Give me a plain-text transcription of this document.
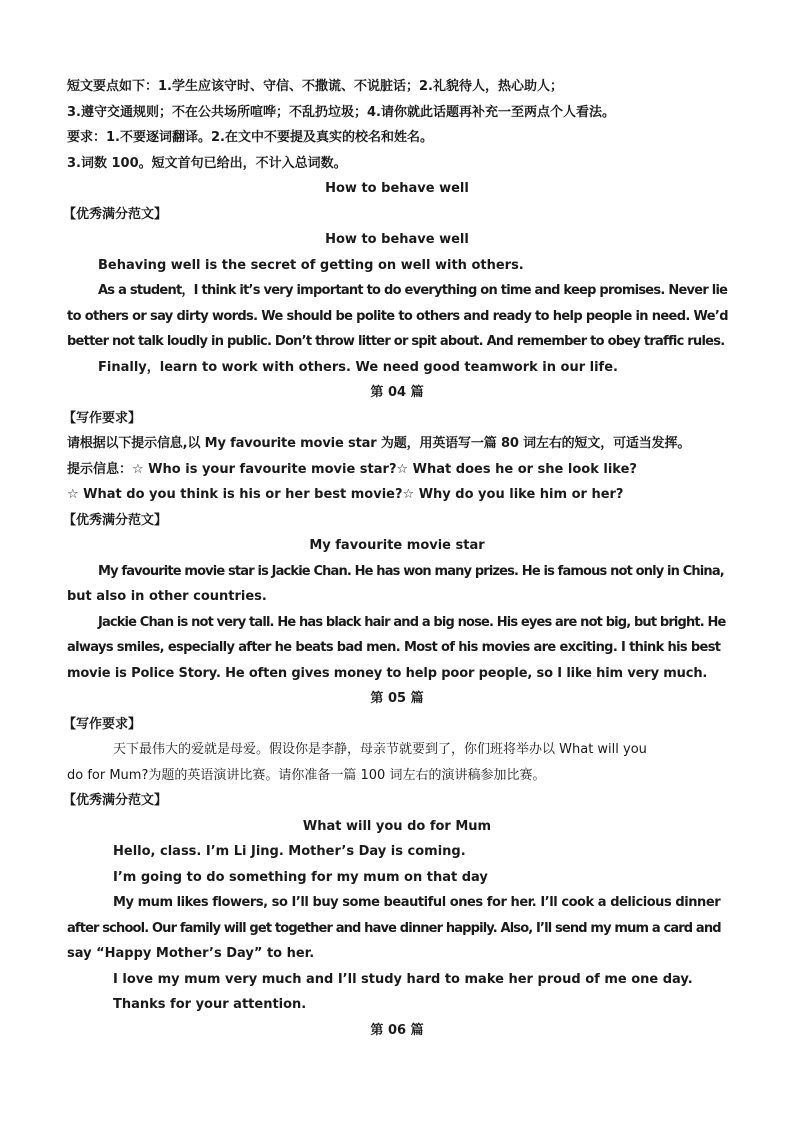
短文要点如下：1.学生应该守时、守信、不撒谎、不说脏话；2.礼貌待人，热心助人；
3.遵守交通规则；不在公共场所喧哗；不乱扔垃圾；4.请你就此话题再补充一至两点个人看法。
要求：1.不要逐词翻译。2.在文中不要提及真实的校名和姓名。
3.词数 100。短文首句已给出，不计入总词数。
How to behave well
【优秀满分范文】
How to behave well
Behaving well is the secret of getting on well with others.
As a student，I think it’s very important to do everything on time and keep promises. Never lie
to others or say dirty words. We should be polite to others and ready to help people in need. We’d
better not talk loudly in public. Don’t throw litter or spit about. And remember to obey traffic rules.
Finally，learn to work with others. We need good teamwork in our life.
第 04 篇
【写作要求】
请根据以下提示信息,以 My favourite movie star 为题，用英语写一篇 80 词左右的短文，可适当发挥。
提示信息：☆ Who is your favourite movie star?☆ What does he or she look like?
☆ What do you think is his or her best movie?☆ Why do you like him or her?
【优秀满分范文】
My favourite movie star
My favourite movie star is Jackie Chan. He has won many prizes. He is famous not only in China,
but also in other countries.
Jackie Chan is not very tall. He has black hair and a big nose. His eyes are not big, but bright. He
always smiles, especially after he beats bad men. Most of his movies are exciting. I think his best
movie is Police Story. He often gives money to help poor people, so I like him very much.
第 05 篇
【写作要求】
天下最伟大的爱就是母爱。假设你是李静，母亲节就要到了，你们班将举办以 What will you
do for Mum?为题的英语演讲比赛。请你准备一篇 100 词左右的演讲稿参加比赛。
【优秀满分范文】
What will you do for Mum
Hello, class. I’m Li Jing. Mother’s Day is coming.
I’m going to do something for my mum on that day
My mum likes flowers, so I’ll buy some beautiful ones for her. I’ll cook a delicious dinner
after school. Our family will get together and have dinner happily. Also, I’ll send my mum a card and
say “Happy Mother’s Day” to her.
I love my mum very much and I’ll study hard to make her proud of me one day.
Thanks for your attention.
第 06 篇
